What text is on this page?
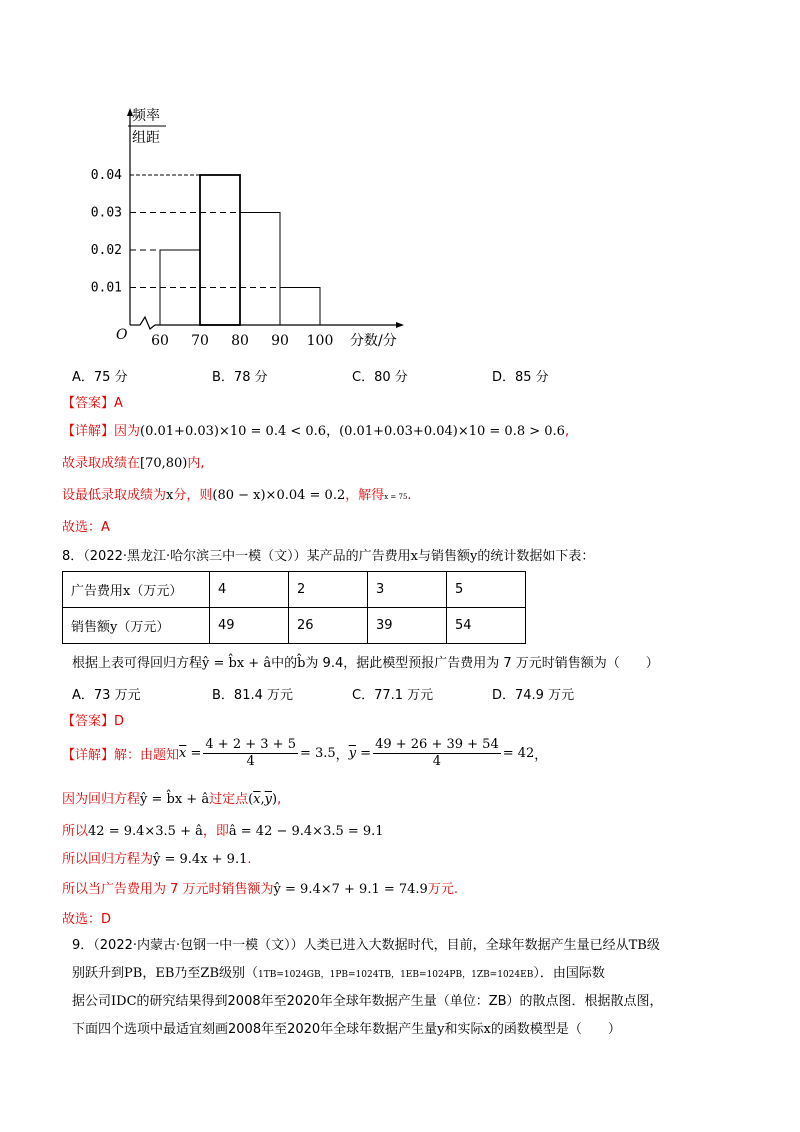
频率
组距
O
0.01
0.02
0.03
0.04
60 70 80 90 100 分数/分
A．75 分	B．78 分	C．80 分	D．85 分
【答案】A
【详解】因为(0.01+0.03)×10 = 0.4 < 0.6，(0.01+0.03+0.04)×10 = 0.8 > 0.6,
故录取成绩在[70,80)内,
设最低录取成绩为x分，则(80 − x)×0.04 = 0.2，解得x = 75.
故选：A
8．（2022·黑龙江·哈尔滨三中一模（文））某产品的广告费用x与销售额y的统计数据如下表：
广告费用x（万元）	4	2	3	5
销售额y（万元）	49	26	39	54
根据上表可得回归方程ŷ = b̂x + â中的b̂为 9.4，据此模型预报广告费用为 7 万元时销售额为（　　）
A．73 万元	B．81.4 万元	C．77.1 万元	D．74.9 万元
【答案】D
【详解】 解：由题知 $\overline{x} = \frac{4 + 2 + 3 + 5}{4} = 3.5$ ， $\overline{y} = \frac{49 + 26 + 39 + 54}{4} = 42$ ，
因为回归方程ŷ = b̂x + â过定点$(\overline{x},\overline{y})$,
所以42 = 9.4×3.5 + â，即â = 42 − 9.4×3.5 = 9.1
所以回归方程为ŷ = 9.4x + 9.1.
所以当广告费用为 7 万元时销售额为ŷ = 9.4×7 + 9.1 = 74.9万元.
故选：D
9．（2022·内蒙古·包钢一中一模（文））人类已进入大数据时代，目前，全球年数据产生量已经从TB级
别跃升到PB，EB乃至ZB级别（1TB=1024GB，1PB=1024TB，1EB=1024PB，1ZB=1024EB）．由国际数
据公司IDC的研究结果得到2008年至2020年全球年数据产生量（单位：ZB）的散点图．根据散点图，
下面四个选项中最适宜刻画2008年至2020年全球年数据产生量y和实际x的函数模型是（　　）
